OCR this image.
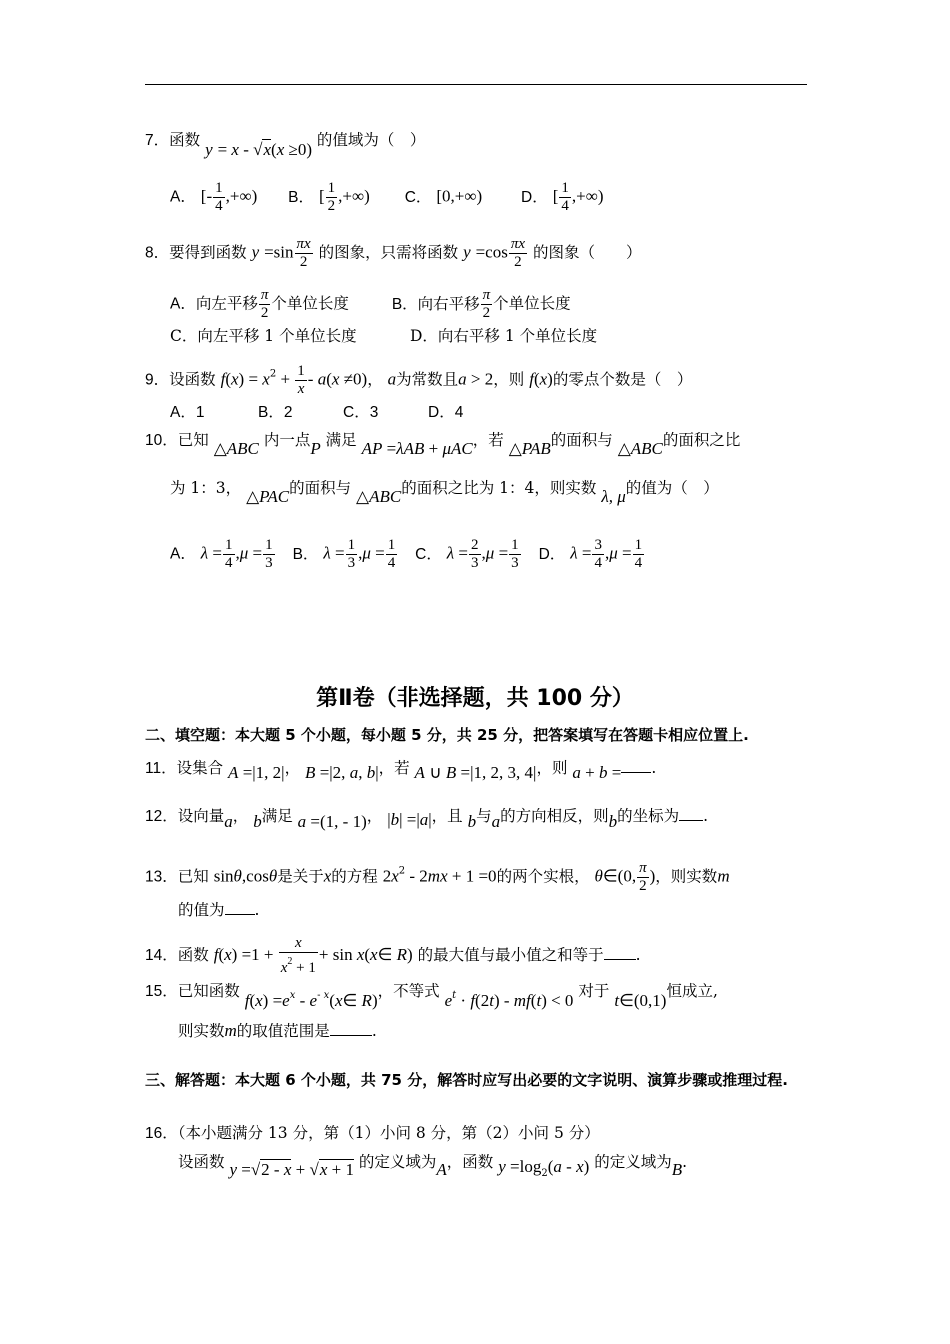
7．函数 y = x - √x(x ≥0) 的值域为（　）
A． [- $\frac{1}{4}$ ,+∞) B． [ $\frac{1}{2}$ ,+∞) C． [0,+∞)	D． [ $\frac{1}{4}$ ,+∞)
8．要得到函数 $y =\sin \frac{\pi x}{2}$ 的图象，只需将函数 $y =\cos \frac{\pi x}{2}$ 的图象（　　）
A．向左平移 $\frac{\pi}{2}$ 个单位长度	B．向右平移 $\frac{\pi}{2}$ 个单位长度
C．向左平移 1 个单位长度	D．向右平移 1 个单位长度
9．设函数 $f(x) = x^2 + \frac{1}{x} - a(x \ne 0)$， a为常数且a > 2，则 f(x)的零点个数是（　）
A．1	B．2	C．3	D．4
10．已知 △ABC 内一点P 满足 AP =λAB + μAC，若 △PAB的面积与 △ABC的面积之比
为 1：3， △PAC的面积与 △ABC的面积之比为 1：4，则实数 λ, μ的值为（　）
A． $\lambda = \frac{1}{4} ,\mu = \frac{1}{3}$ B． $\lambda = \frac{1}{3} ,\mu = \frac{1}{4}$ C． $\lambda = \frac{2}{3} ,\mu = \frac{1}{3}$ D． $\lambda = \frac{3}{4} ,\mu = \frac{1}{4}$
第Ⅱ卷（非选择题，共 100 分）
二、填空题：本大题 5 个小题，每小题 5 分，共 25 分，把答案填写在答题卡相应位置上.
11．设集合 A =|1, 2|， B =|2, a, b|，若 A ∪ B =|1, 2, 3, 4|，则 a + b = .
12．设向量a， b满足 a =(1, - 1)， |b| =|a|，且 b与a的方向相反，则b的坐标为 .
13．已知 sinθ,cosθ是关于x的方程 $2x^2 - 2mx + 1 =0$的两个实根， θ∈(0, $\frac{\pi}{2}$ )，则实数m
的值为 .
14．函数 $f(x) =1 + \frac{x}{x^2 + 1} + \sin$ x(x∈ R) 的最大值与最小值之和等于 .
15．已知函数 $f(x) =e^x$ - $e^{- x}(x\in$ R)，不等式 $e^t \cdot f(2t) - mf(t) < 0$ 对于 t∈(0,1)恒成立,
则实数m的取值范围是	.
三、解答题：本大题 6 个小题，共 75 分，解答时应写出必要的文字说明、演算步骤或推理过程.
16．（本小题满分 13 分，第（1）小问 8 分，第（2）小问 5 分）
设函数 y =√2 - x + √x + 1 的定义域为A，函数 $y =\log_2(a - x)$ 的定义域为B.
